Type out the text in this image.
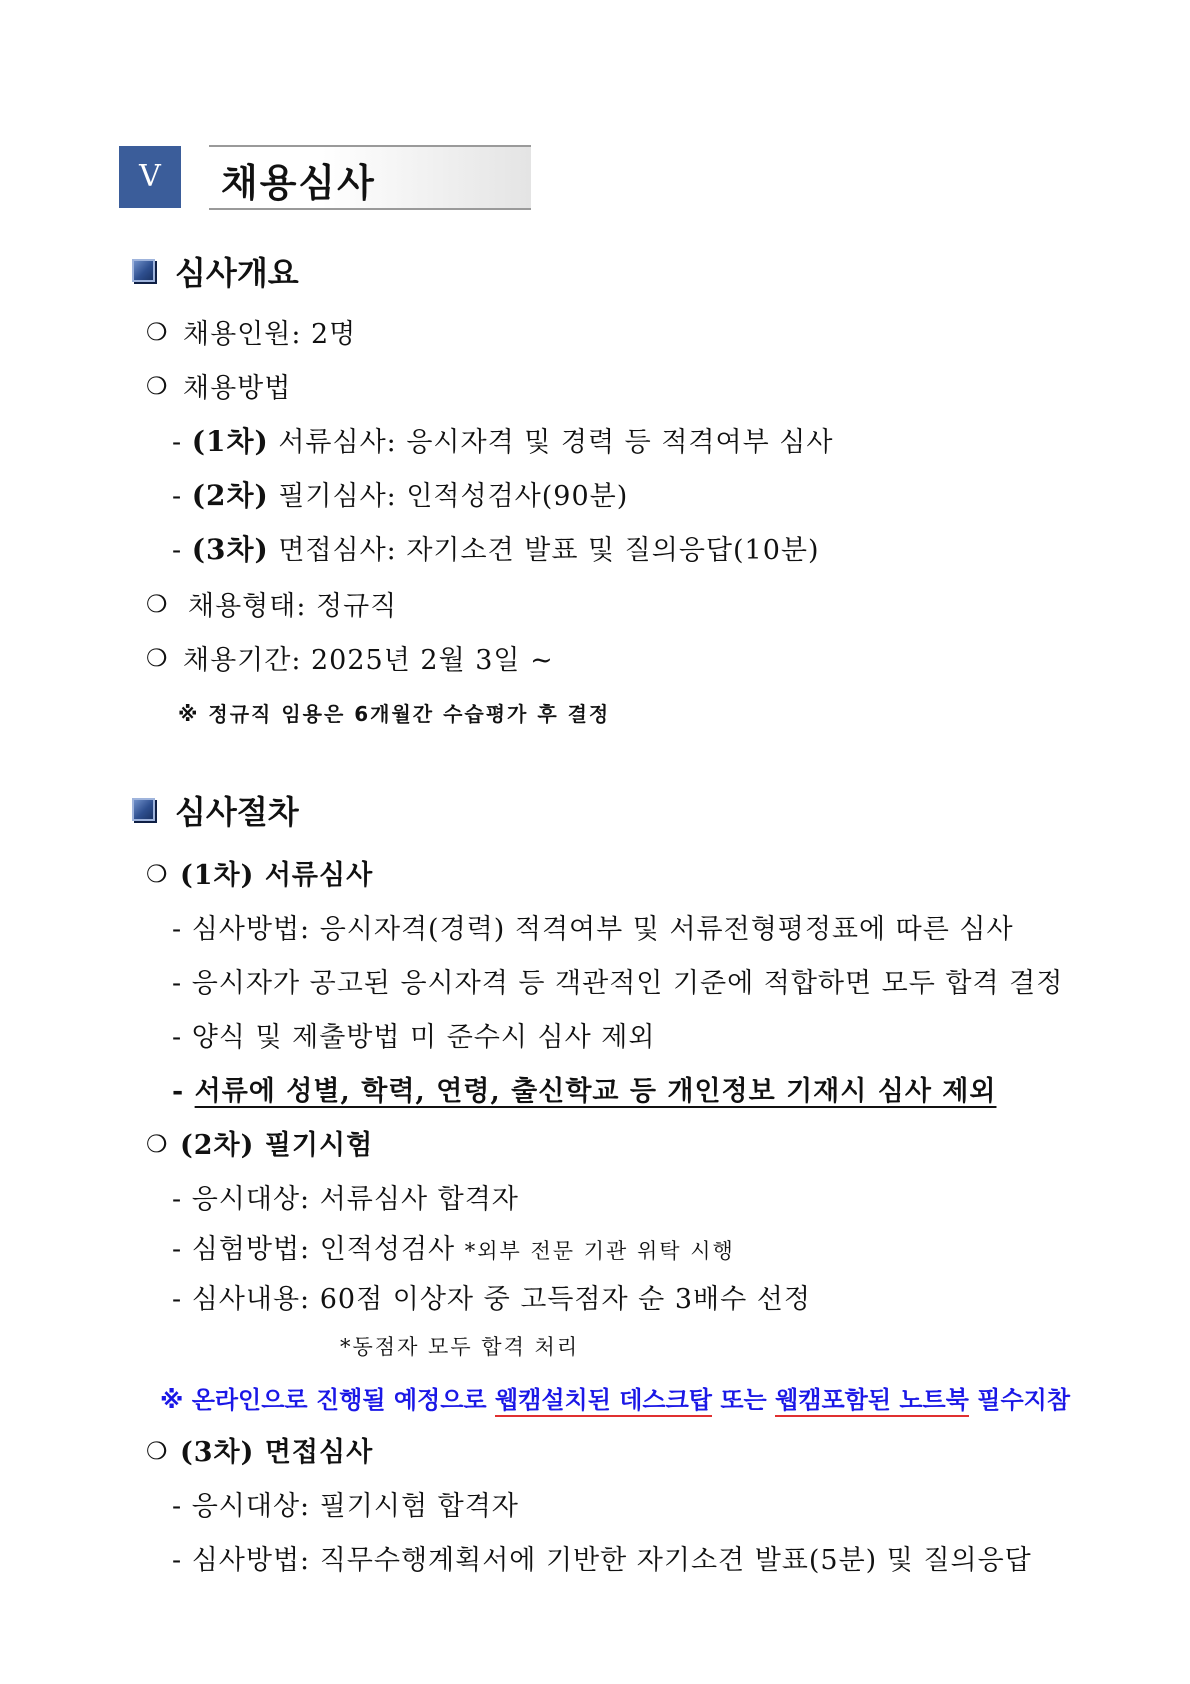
V	채용심사
심사개요
❍ 채용인원: 2명
❍ 채용방법
- (1차) 서류심사: 응시자격 및 경력 등 적격여부 심사
- (2차) 필기심사: 인적성검사(90분)
- (3차) 면접심사: 자기소견 발표 및 질의응답(10분)
❍ 채용형태: 정규직
❍ 채용기간: 2025년 2월 3일 ~
※ 정규직 임용은 6개월간 수습평가 후 결정
심사절차
❍ (1차) 서류심사
- 심사방법: 응시자격(경력) 적격여부 및 서류전형평정표에 따른 심사
- 응시자가 공고된 응시자격 등 객관적인 기준에 적합하면 모두 합격 결정
- 양식 및 제출방법 미 준수시 심사 제외
- 서류에 성별, 학력, 연령, 출신학교 등 개인정보 기재시 심사 제외
❍ (2차) 필기시험
- 응시대상: 서류심사 합격자
- 심험방법: 인적성검사 *외부 전문 기관 위탁 시행
- 심사내용: 60점 이상자 중 고득점자 순 3배수 선정
*동점자 모두 합격 처리
※ 온라인으로 진행될 예정으로 웹캠설치된 데스크탑 또는 웹캠포함된 노트북 필수지참
❍ (3차) 면접심사
- 응시대상: 필기시험 합격자
- 심사방법: 직무수행계획서에 기반한 자기소견 발표(5분) 및 질의응답
